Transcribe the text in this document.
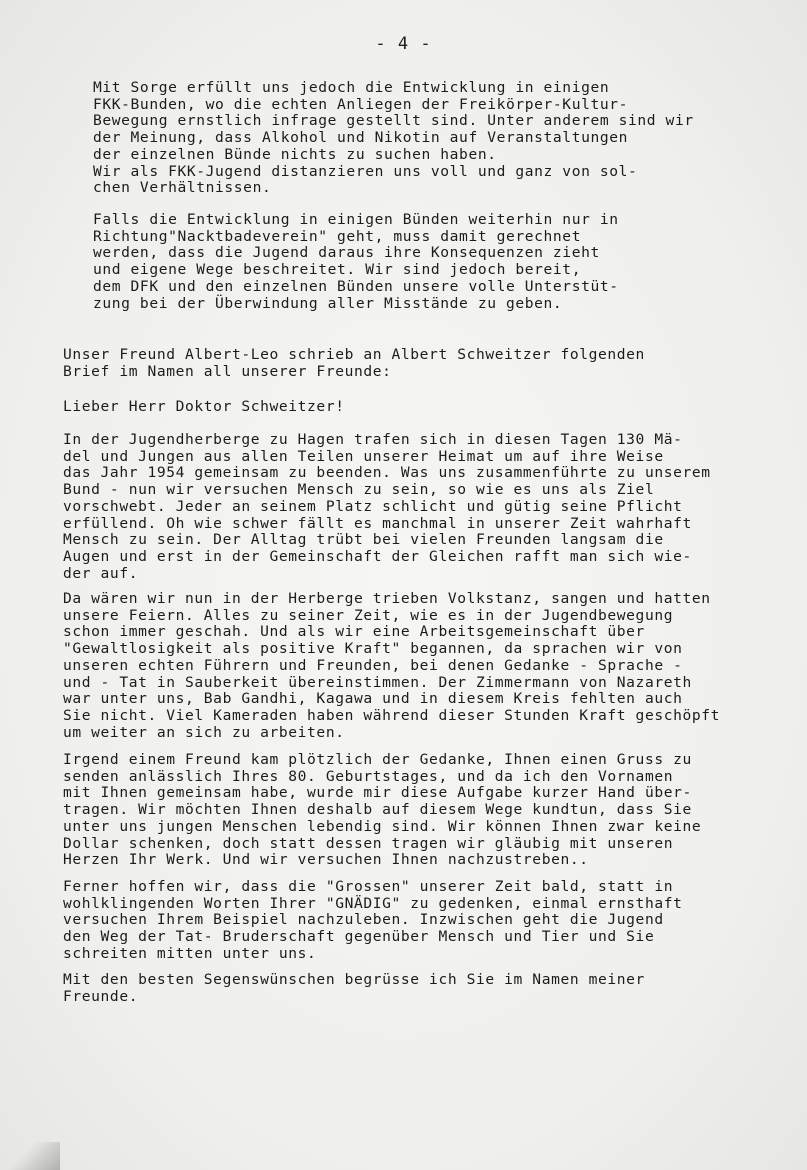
- 4 -

Mit Sorge erfüllt uns jedoch die Entwicklung in einigen
FKK-Bunden, wo die echten Anliegen der Freikörper-Kultur-
Bewegung ernstlich infrage gestellt sind. Unter anderem sind wir
der Meinung, dass Alkohol und Nikotin auf Veranstaltungen
der einzelnen Bünde nichts zu suchen haben.
Wir als FKK-Jugend distanzieren uns voll und ganz von sol-
chen Verhältnissen.

Falls die Entwicklung in einigen Bünden weiterhin nur in
Richtung"Nacktbadeverein" geht, muss damit gerechnet
werden, dass die Jugend daraus ihre Konsequenzen zieht
und eigene Wege beschreitet. Wir sind jedoch bereit,
dem DFK und den einzelnen Bünden unsere volle Unterstüt-
zung bei der Überwindung aller Misstände zu geben.

Unser Freund Albert-Leo schrieb an Albert Schweitzer folgenden
Brief im Namen all unserer Freunde:

Lieber Herr Doktor Schweitzer!

In der Jugendherberge zu Hagen trafen sich in diesen Tagen 130 Mä-
del und Jungen aus allen Teilen unserer Heimat um auf ihre Weise
das Jahr 1954 gemeinsam zu beenden. Was uns zusammenführte zu unserem
Bund - nun wir versuchen Mensch zu sein, so wie es uns als Ziel
vorschwebt. Jeder an seinem Platz schlicht und gütig seine Pflicht
erfüllend. Oh wie schwer fällt es manchmal in unserer Zeit wahrhaft
Mensch zu sein. Der Alltag trübt bei vielen Freunden langsam die
Augen und erst in der Gemeinschaft der Gleichen rafft man sich wie-
der auf.

Da wären wir nun in der Herberge trieben Volkstanz, sangen und hatten
unsere Feiern. Alles zu seiner Zeit, wie es in der Jugendbewegung
schon immer geschah. Und als wir eine Arbeitsgemeinschaft über
"Gewaltlosigkeit als positive Kraft" begannen, da sprachen wir von
unseren echten Führern und Freunden, bei denen Gedanke - Sprache -
und - Tat in Sauberkeit übereinstimmen. Der Zimmermann von Nazareth
war unter uns, Bab Gandhi, Kagawa und in diesem Kreis fehlten auch
Sie nicht. Viel Kameraden haben während dieser Stunden Kraft geschöpft
um weiter an sich zu arbeiten.

Irgend einem Freund kam plötzlich der Gedanke, Ihnen einen Gruss zu
senden anlässlich Ihres 80. Geburtstages, und da ich den Vornamen
mit Ihnen gemeinsam habe, wurde mir diese Aufgabe kurzer Hand über-
tragen. Wir möchten Ihnen deshalb auf diesem Wege kundtun, dass Sie
unter uns jungen Menschen lebendig sind. Wir können Ihnen zwar keine
Dollar schenken, doch statt dessen tragen wir gläubig mit unseren
Herzen Ihr Werk. Und wir versuchen Ihnen nachzustreben..

Ferner hoffen wir, dass die "Grossen" unserer Zeit bald, statt in
wohlklingenden Worten Ihrer "GNÄDIG" zu gedenken, einmal ernsthaft
versuchen Ihrem Beispiel nachzuleben. Inzwischen geht die Jugend
den Weg der Tat- Bruderschaft gegenüber Mensch und Tier und Sie
schreiten mitten unter uns.

Mit den besten Segenswünschen begrüsse ich Sie im Namen meiner
Freunde.
